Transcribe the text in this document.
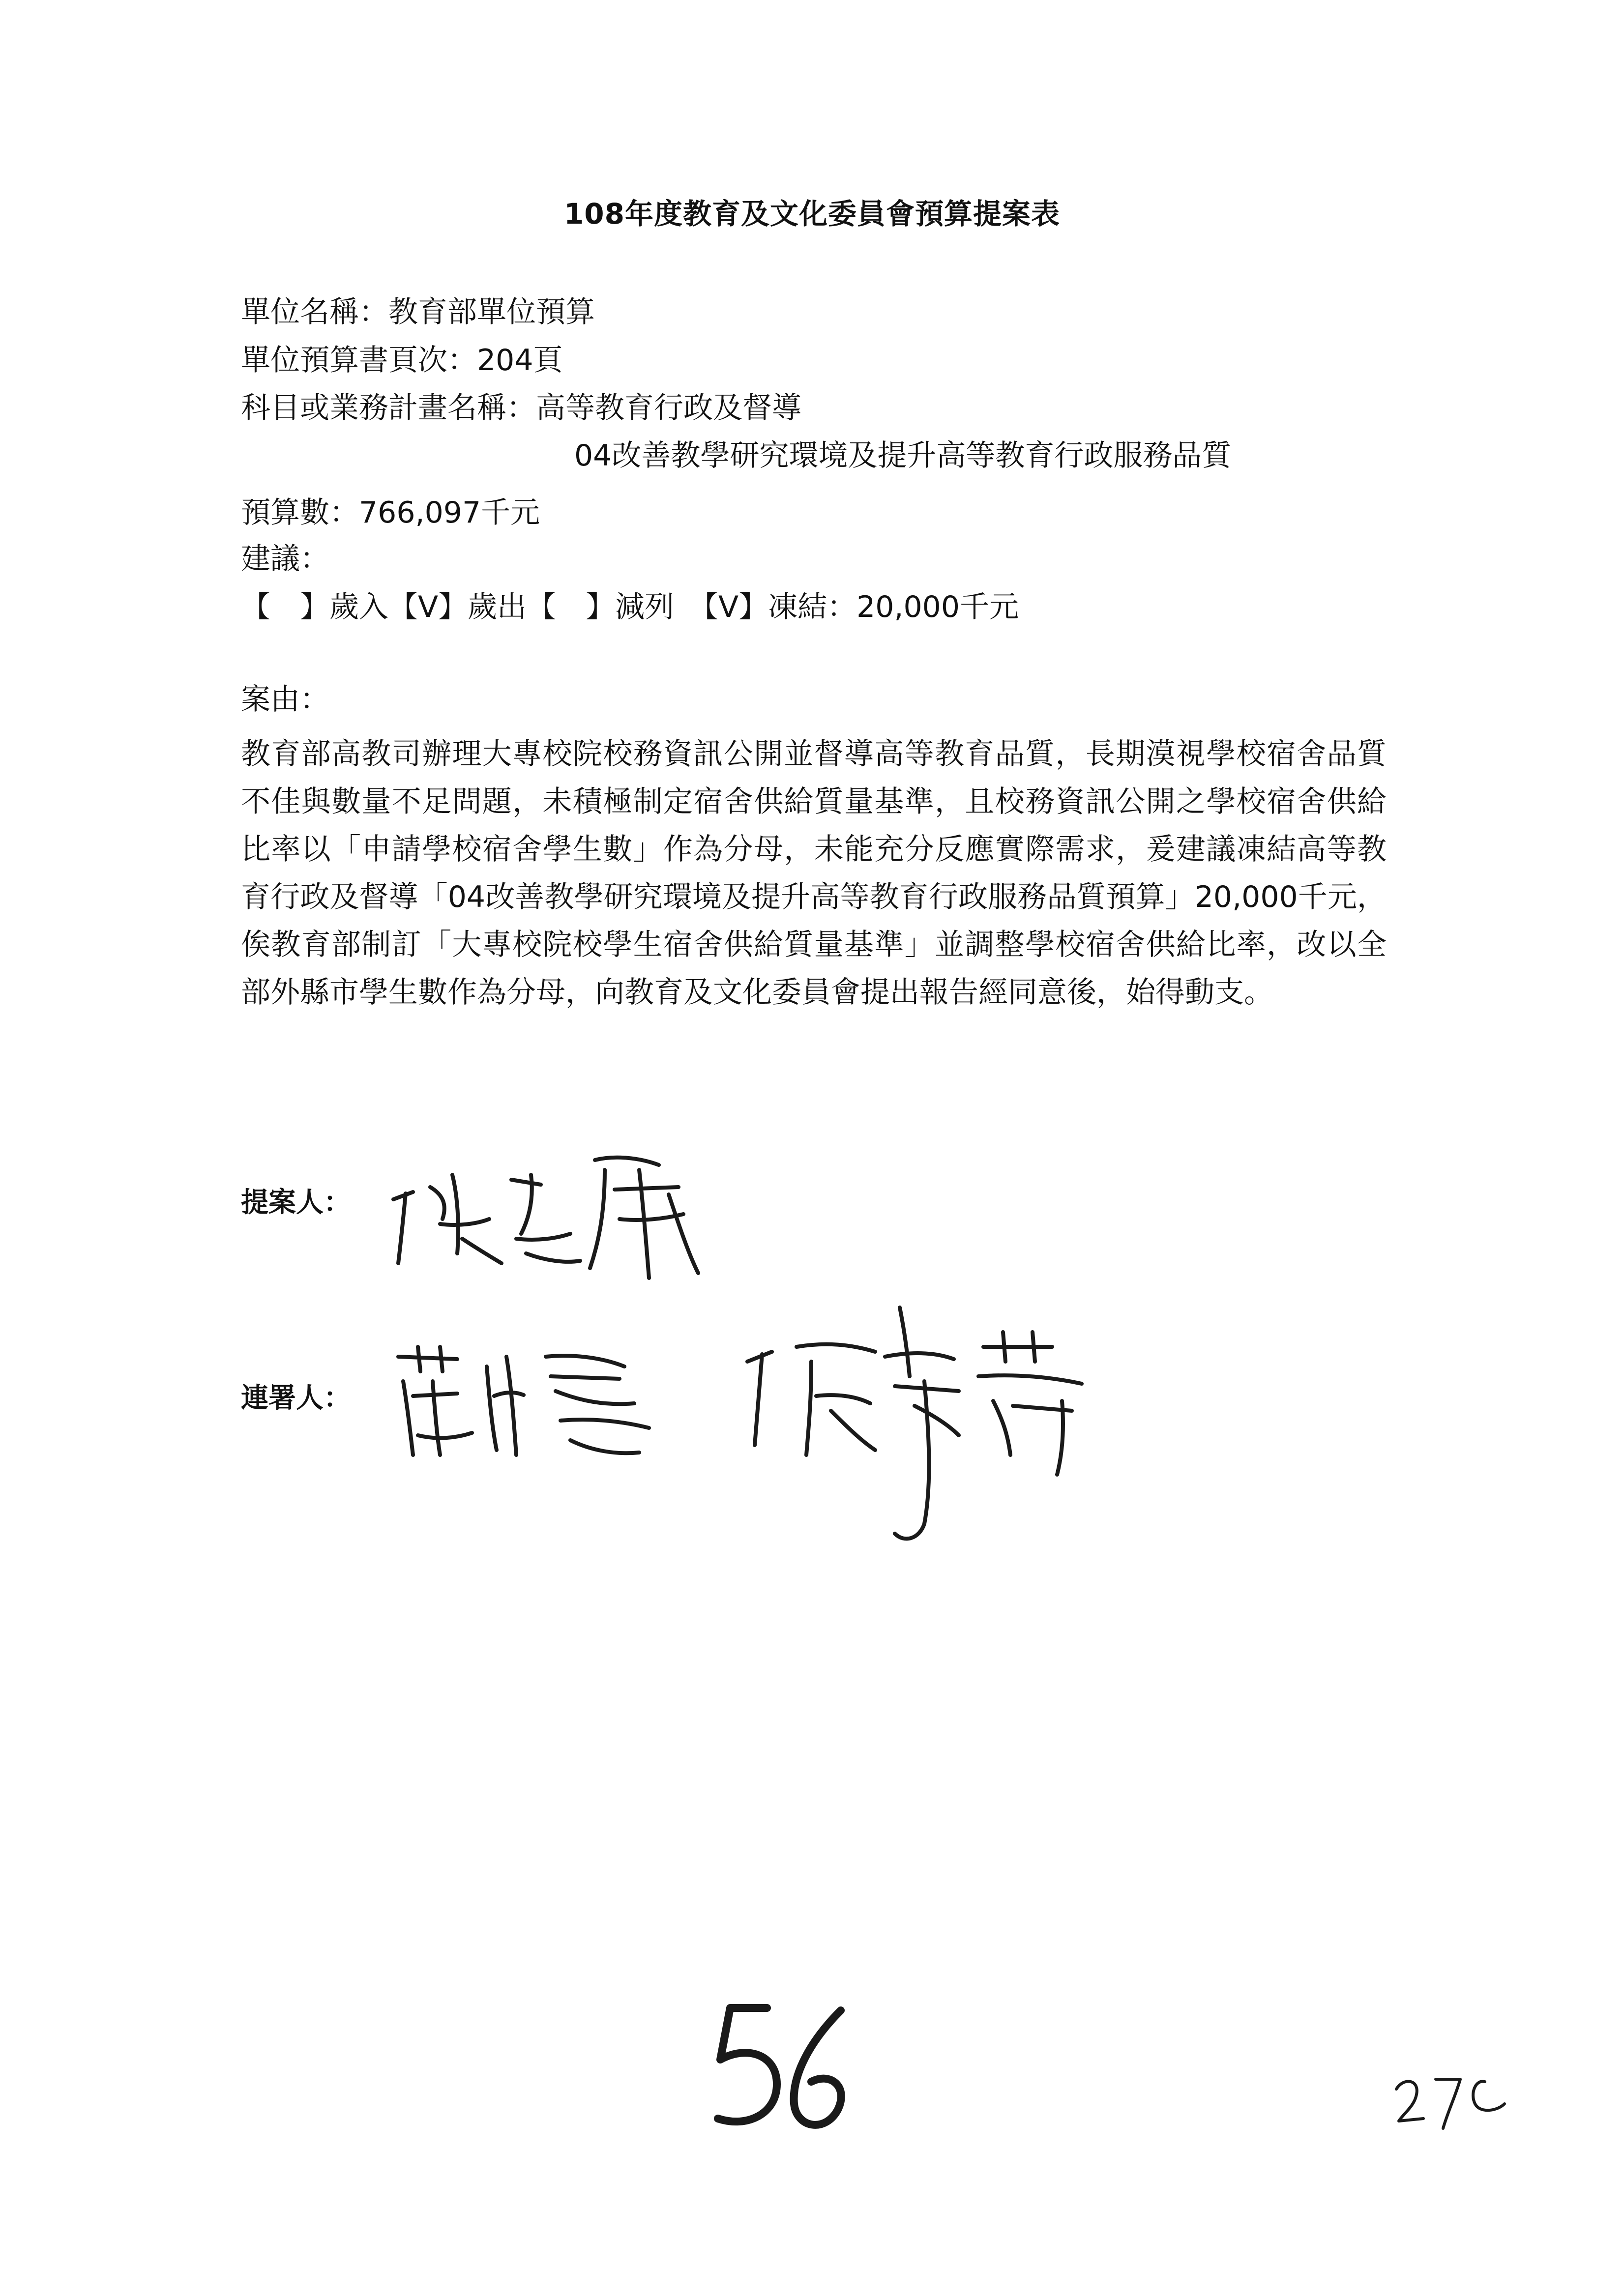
108年度教育及文化委員會預算提案表
單位名稱：教育部單位預算
單位預算書頁次：204頁
科目或業務計畫名稱：高等教育行政及督導
04改善教學研究環境及提升高等教育行政服務品質
預算數：766,097千元
建議：
【　】歲入【V】歲出【　】減列　【V】凍結：20,000千元
案由：
教育部高教司辦理大專校院校務資訊公開並督導高等教育品質，長期漠視學校宿舍品質不佳與數量不足問題，未積極制定宿舍供給質量基準，且校務資訊公開之學校宿舍供給比率以「申請學校宿舍學生數」作為分母，未能充分反應實際需求，爰建議凍結高等教育行政及督導「04改善教學研究環境及提升高等教育行政服務品質預算」20,000千元，俟教育部制訂「大專校院校學生宿舍供給質量基準」並調整學校宿舍供給比率，改以全部外縣市學生數作為分母，向教育及文化委員會提出報告經同意後，始得動支。
提案人：
連署人：
